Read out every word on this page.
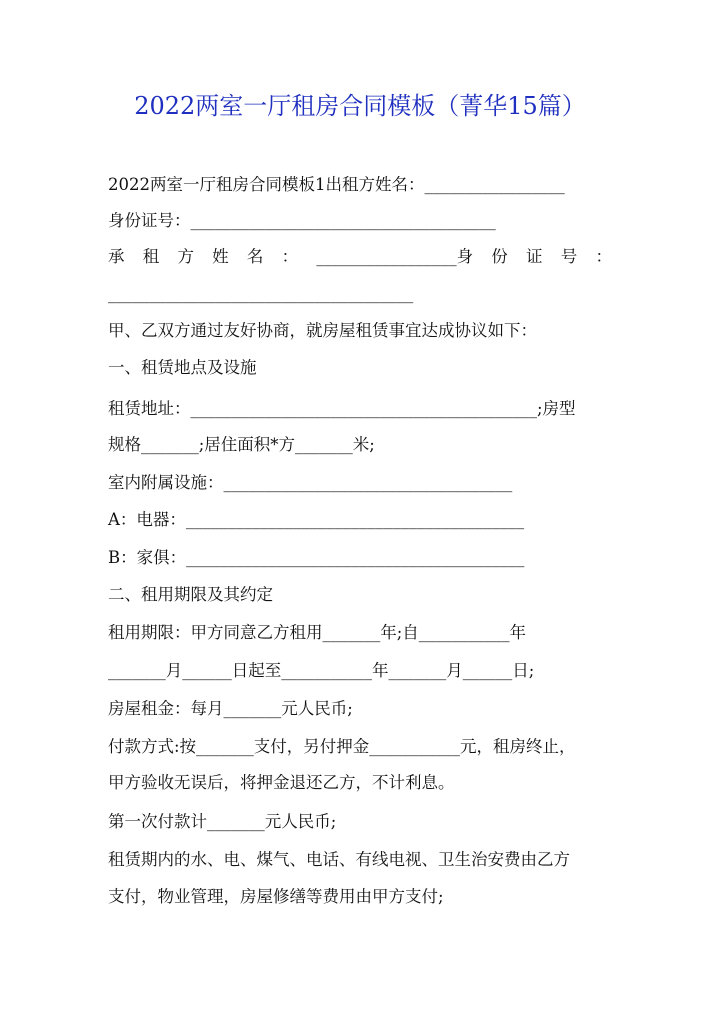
2022两室一厅租房合同模板（菁华15篇）
2022两室一厅租房合同模板1出租方姓名：_________________
身份证号：_____________________________________
承 租 方 姓 名 ： _________________身 份 证 号 ：
_____________________________________
甲、乙双方通过友好协商，就房屋租赁事宜达成协议如下：
一、租赁地点及设施
租赁地址：__________________________________________;房型
规格_______;居住面积*方_______米;
室内附属设施：___________________________________
A：电器：_________________________________________
B：家俱：_________________________________________
二、租用期限及其约定
租用期限：甲方同意乙方租用_______年;自___________年
_______月______日起至___________年_______月______日;
房屋租金：每月_______元人民币;
付款方式:按_______支付，另付押金___________元，租房终止，
甲方验收无误后，将押金退还乙方，不计利息。
第一次付款计_______元人民币;
租赁期内的水、电、煤气、电话、有线电视、卫生治安费由乙方
支付，物业管理，房屋修缮等费用由甲方支付;
